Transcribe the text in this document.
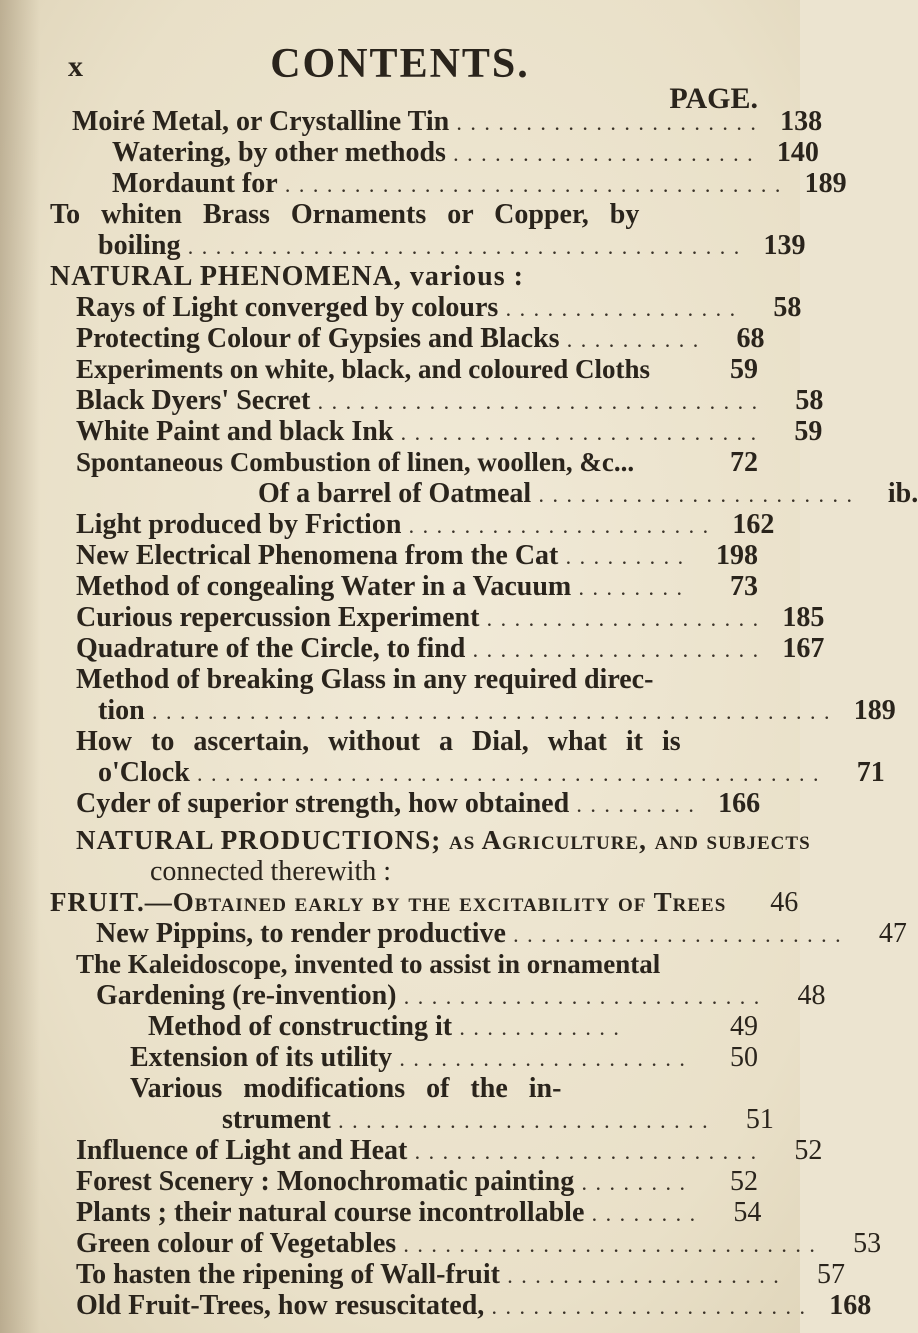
x	CONTENTS.
PAGE.
Moiré Metal, or Crystalline Tin . . . . . . . . . . . . . . . . . . . . . . 138
Watering, by other methods . . . . . . . . . . . . . . . . . . . . . . 140
Mordaunt for . . . . . . . . . . . . . . . . . . . . . . . . . . . . . . . . . . . . 189
To whiten Brass Ornaments or Copper, by
boiling . . . . . . . . . . . . . . . . . . . . . . . . . . . . . . . . . . . . . . . . 139
NATURAL PHENOMENA, various :
Rays of Light converged by colours . . . . . . . . . . . . . . . . .	58
Protecting Colour of Gypsies and Blacks . . . . . . . . . .	68
Experiments on white, black, and coloured Cloths	59
Black Dyers' Secret . . . . . . . . . . . . . . . . . . . . . . . . . . . . . . . .	58
White Paint and black Ink . . . . . . . . . . . . . . . . . . . . . . . . . .	59
Spontaneous Combustion of linen, woollen, &c...	72
Of a barrel of Oatmeal . . . . . . . . . . . . . . . . . . . . . . .	ib.
Light produced by Friction . . . . . . . . . . . . . . . . . . . . . . 162
New Electrical Phenomena from the Cat . . . . . . . . .	198
Method of congealing Water in a Vacuum . . . . . . . .	73
Curious repercussion Experiment . . . . . . . . . . . . . . . . . . . . 185
Quadrature of the Circle, to find . . . . . . . . . . . . . . . . . . . . . 167
Method of breaking Glass in any required direc-
tion . . . . . . . . . . . . . . . . . . . . . . . . . . . . . . . . . . . . . . . . . . . . . . . . . 189
How to ascertain, without a Dial, what it is
o'Clock . . . . . . . . . . . . . . . . . . . . . . . . . . . . . . . . . . . . . . . . . . . . .	71
Cyder of superior strength, how obtained . . . . . . . . . 166
NATURAL PRODUCTIONS; as Agriculture, and subjects
connected therewith :
FRUIT.—Obtained early by the excitability of Trees	46
New Pippins, to render productive . . . . . . . . . . . . . . . . . . . . . . . .	47
The Kaleidoscope, invented to assist in ornamental
Gardening (re-invention) . . . . . . . . . . . . . . . . . . . . . . . . . .	48
Method of constructing it . . . . . . . . . . . .	49
Extension of its utility . . . . . . . . . . . . . . . . . . . . .	50
Various modifications of the in-
strument . . . . . . . . . . . . . . . . . . . . . . . . . . .	51
Influence of Light and Heat . . . . . . . . . . . . . . . . . . . . . . . . .	52
Forest Scenery : Monochromatic painting . . . . . . . .	52
Plants ; their natural course incontrollable . . . . . . . .	54
Green colour of Vegetables . . . . . . . . . . . . . . . . . . . . . . . . . . . . . .	53
To hasten the ripening of Wall-fruit . . . . . . . . . . . . . . . . . . . .	57
Old Fruit-Trees, how resuscitated, . . . . . . . . . . . . . . . . . . . . . . . 168
